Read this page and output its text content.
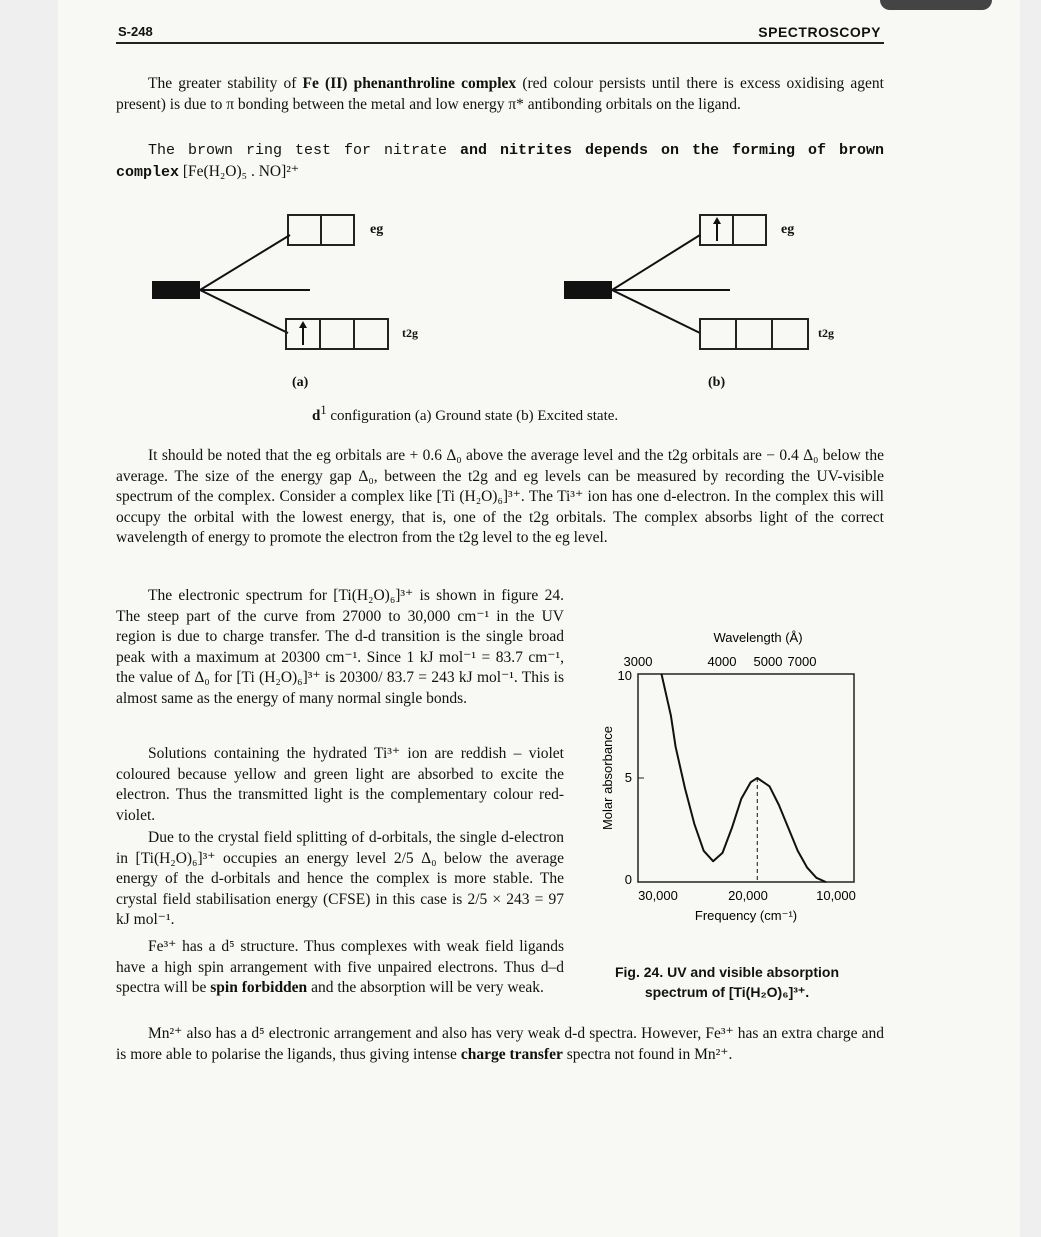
S-248	SPECTROSCOPY

The greater stability of Fe (II) phenanthroline complex (red colour persists until there is excess oxidising agent present) is due to π bonding between the metal and low energy π* antibonding orbitals on the ligand.

The brown ring test for nitrate and nitrites depends on the forming of brown complex [Fe(H₂O)₅ . NO]²⁺

eg
t2g
eg
t2g
(a)	(b)
$d^1$ configuration (a) Ground state (b) Excited state.

It should be noted that the eg orbitals are + 0.6 Δ₀ above the average level and the t2g orbitals are − 0.4 Δ₀ below the average. The size of the energy gap Δ₀, between the t2g and eg levels can be measured by recording the UV-visible spectrum of the complex. Consider a complex like [Ti (H₂O)₆]³⁺. The Ti³⁺ ion has one d-electron. In the complex this will occupy the orbital with the lowest energy, that is, one of the t2g orbitals. The complex absorbs light of the correct wavelength of energy to promote the electron from the t2g level to the eg level.

The electronic spectrum for [Ti(H₂O)₆]³⁺ is shown in figure 24. The steep part of the curve from 27000 to 30,000 cm⁻¹ in the UV region is due to charge transfer. The d-d transition is the single broad peak with a maximum at 20300 cm⁻¹. Since 1 kJ mol⁻¹ = 83.7 cm⁻¹, the value of Δ₀ for [Ti (H₂O)₆]³⁺ is 20300/ 83.7 = 243 kJ mol⁻¹. This is almost same as the energy of many normal single bonds.

Solutions containing the hydrated Ti³⁺ ion are reddish – violet coloured because yellow and green light are absorbed to excite the electron. Thus the transmitted light is the complementary colour red-violet.

Due to the crystal field splitting of d-orbitals, the single d-electron in [Ti(H₂O)₆]³⁺ occupies an energy level 2/5 Δ₀ below the average energy of the d-orbitals and hence the complex is more stable. The crystal field stabilisation energy (CFSE) in this case is 2/5 × 243 = 97 kJ mol⁻¹.

Fe³⁺ has a d⁵ structure. Thus complexes with weak field ligands have a high spin arrangement with five unpaired electrons. Thus d–d spectra will be spin forbidden and the absorption will be very weak.

Mn²⁺ also has a d⁵ electronic arrangement and also has very weak d-d spectra. However, Fe³⁺ has an extra charge and is more able to polarise the ligands, thus giving intense charge transfer spectra not found in Mn²⁺.

Wavelength (Å)
3000	4000 5000 7000
10
5
0
Molar absorbance
30,000	20,000	10,000
Frequency (cm⁻¹)
Fig. 24. UV and visible absorption spectrum of [Ti(H₂O)₆]³⁺.
